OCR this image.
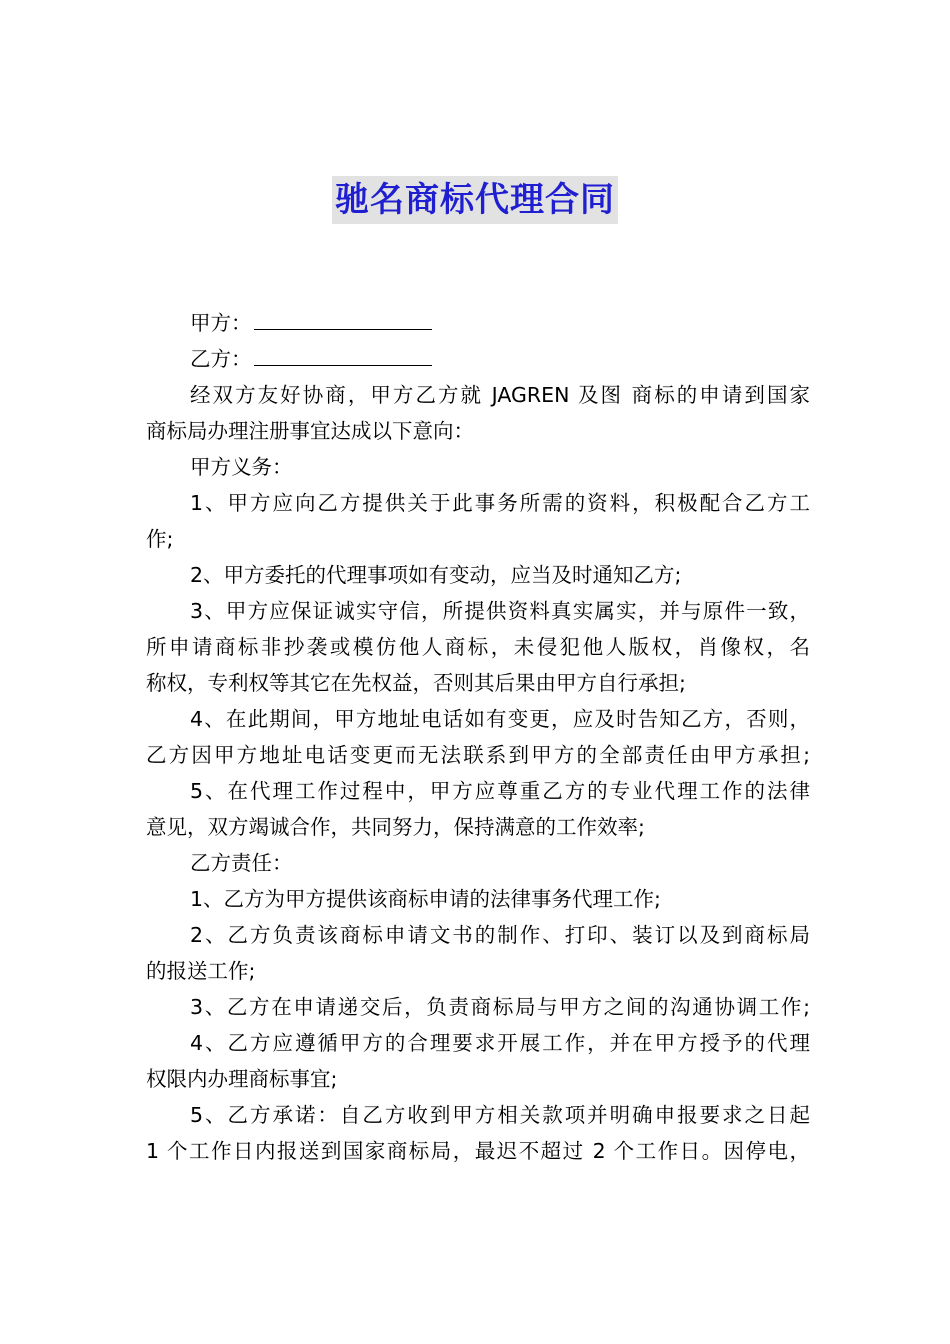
驰名商标代理合同
甲方：
乙方：
经双方友好协商，甲方乙方就 JAGREN 及图 商标的申请到国家
商标局办理注册事宜达成以下意向：
甲方义务：
1、甲方应向乙方提供关于此事务所需的资料，积极配合乙方工
作;
2、甲方委托的代理事项如有变动，应当及时通知乙方;
3、甲方应保证诚实守信，所提供资料真实属实，并与原件一致，
所申请商标非抄袭或模仿他人商标，未侵犯他人版权，肖像权，名
称权，专利权等其它在先权益，否则其后果由甲方自行承担;
4、在此期间，甲方地址电话如有变更，应及时告知乙方，否则，
乙方因甲方地址电话变更而无法联系到甲方的全部责任由甲方承担;
5、在代理工作过程中，甲方应尊重乙方的专业代理工作的法律
意见，双方竭诚合作，共同努力，保持满意的工作效率;
乙方责任：
1、乙方为甲方提供该商标申请的法律事务代理工作;
2、乙方负责该商标申请文书的制作、打印、装订以及到商标局
的报送工作;
3、乙方在申请递交后，负责商标局与甲方之间的沟通协调工作;
4、乙方应遵循甲方的合理要求开展工作，并在甲方授予的代理
权限内办理商标事宜;
5、乙方承诺：自乙方收到甲方相关款项并明确申报要求之日起
1 个工作日内报送到国家商标局，最迟不超过 2 个工作日。因停电，
